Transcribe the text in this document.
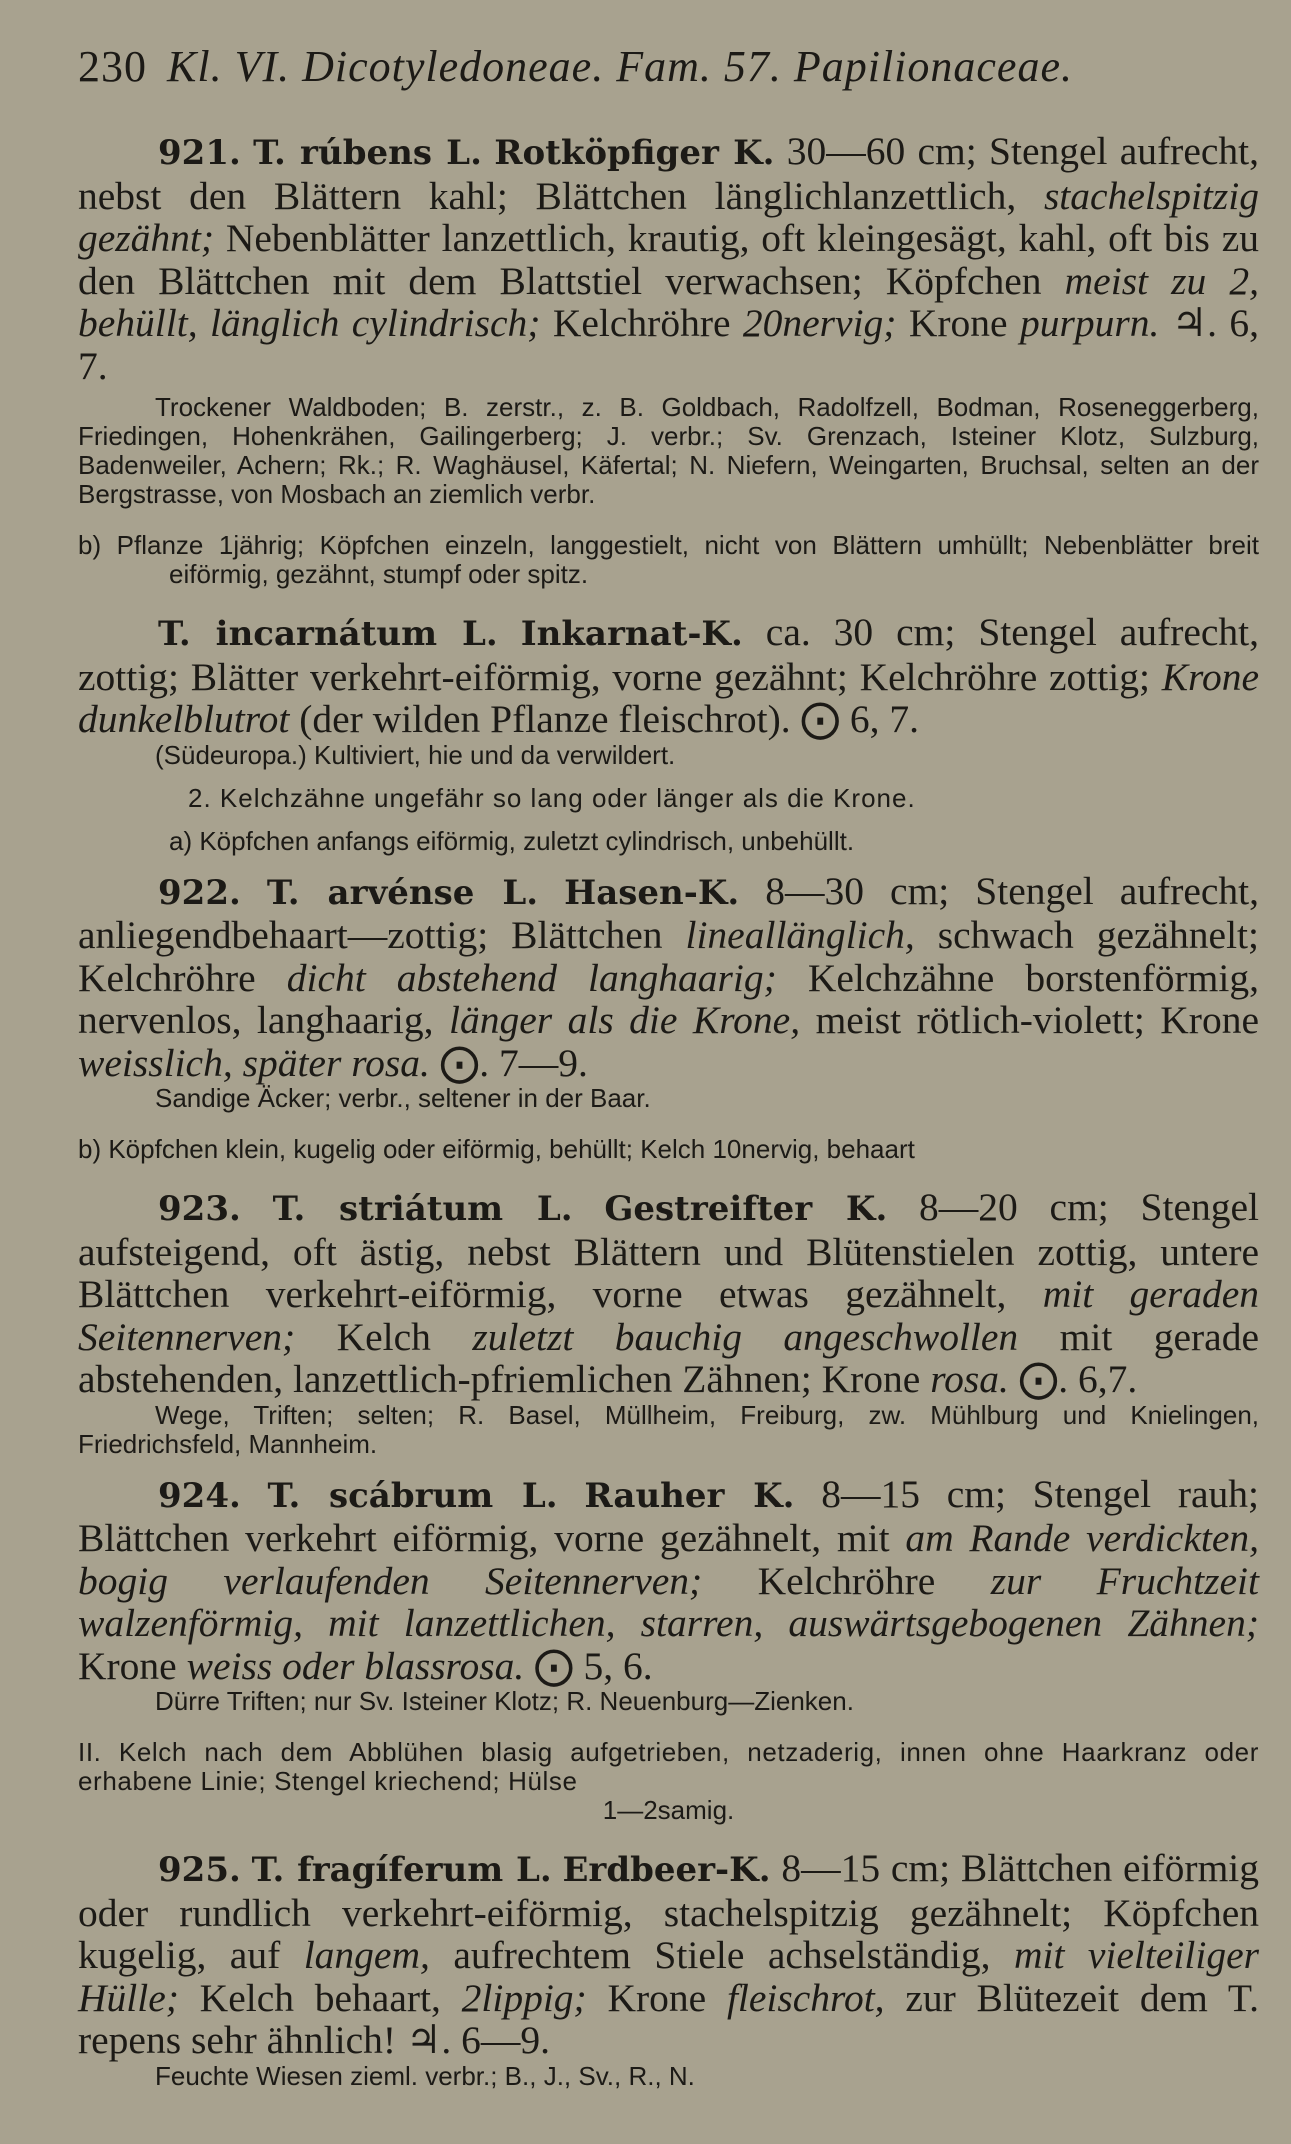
230 Kl. VI. Dicotyledoneae. Fam. 57. Papilionaceae.

921. T. rúbens L. Rotköpfiger K. 30—60 cm; Stengel aufrecht, nebst den Blättern kahl; Blättchen länglichlanzettlich, stachelspitzig gezähnt; Nebenblätter lanzettlich, krautig, oft kleingesägt, kahl, oft bis zu den Blättchen mit dem Blattstiel verwachsen; Köpfchen meist zu 2, behüllt, länglich cylindrisch; Kelchröhre 20nervig; Krone purpurn. ♃. 6, 7.

Trockener Waldboden; B. zerstr., z. B. Goldbach, Radolfzell, Bodman, Roseneggerberg, Friedingen, Hohenkrähen, Gailingerberg; J. verbr.; Sv. Grenzach, Isteiner Klotz, Sulzburg, Badenweiler, Achern; Rk.; R. Waghäusel, Käfertal; N. Niefern, Weingarten, Bruchsal, selten an der Bergstrasse, von Mosbach an ziemlich verbr.

b) Pflanze 1jährig; Köpfchen einzeln, langgestielt, nicht von Blättern umhüllt; Nebenblätter breit eiförmig, gezähnt, stumpf oder spitz.

T. incarnátum L. Inkarnat-K. ca. 30 cm; Stengel aufrecht, zottig; Blätter verkehrt-eiförmig, vorne gezähnt; Kelchröhre zottig; Krone dunkelblutrot (der wilden Pflanze fleischrot). ⨀ 6, 7.

(Südeuropa.) Kultiviert, hie und da verwildert.

2. Kelchzähne ungefähr so lang oder länger als die Krone.

a) Köpfchen anfangs eiförmig, zuletzt cylindrisch, unbehüllt.

922. T. arvénse L. Hasen-K. 8—30 cm; Stengel aufrecht, anliegendbehaart—zottig; Blättchen lineallänglich, schwach gezähnelt; Kelchröhre dicht abstehend langhaarig; Kelchzähne borstenförmig, nervenlos, langhaarig, länger als die Krone, meist rötlich-violett; Krone weisslich, später rosa. ⨀. 7—9.

Sandige Äcker; verbr., seltener in der Baar.

b) Köpfchen klein, kugelig oder eiförmig, behüllt; Kelch 10nervig, behaart

923. T. striátum L. Gestreifter K. 8—20 cm; Stengel aufsteigend, oft ästig, nebst Blättern und Blütenstielen zottig, untere Blättchen verkehrt-eiförmig, vorne etwas gezähnelt, mit geraden Seitennerven; Kelch zuletzt bauchig angeschwollen mit gerade abstehenden, lanzettlich-pfriemlichen Zähnen; Krone rosa. ⨀. 6,7.

Wege, Triften; selten; R. Basel, Müllheim, Freiburg, zw. Mühlburg und Knielingen, Friedrichsfeld, Mannheim.

924. T. scábrum L. Rauher K. 8—15 cm; Stengel rauh; Blättchen verkehrt eiförmig, vorne gezähnelt, mit am Rande verdickten, bogig verlaufenden Seitennerven; Kelchröhre zur Fruchtzeit walzenförmig, mit lanzettlichen, starren, auswärtsgebogenen Zähnen; Krone weiss oder blassrosa. ⨀ 5, 6.

Dürre Triften; nur Sv. Isteiner Klotz; R. Neuenburg—Zienken.

II. Kelch nach dem Abblühen blasig aufgetrieben, netzaderig, innen ohne Haarkranz oder erhabene Linie; Stengel kriechend; Hülse

1—2samig.

925. T. fragíferum L. Erdbeer-K. 8—15 cm; Blättchen eiförmig oder rundlich verkehrt-eiförmig, stachelspitzig gezähnelt; Köpfchen kugelig, auf langem, aufrechtem Stiele achselständig, mit vielteiliger Hülle; Kelch behaart, 2lippig; Krone fleischrot, zur Blütezeit dem T. repens sehr ähnlich! ♃. 6—9.

Feuchte Wiesen zieml. verbr.; B., J., Sv., R., N.
